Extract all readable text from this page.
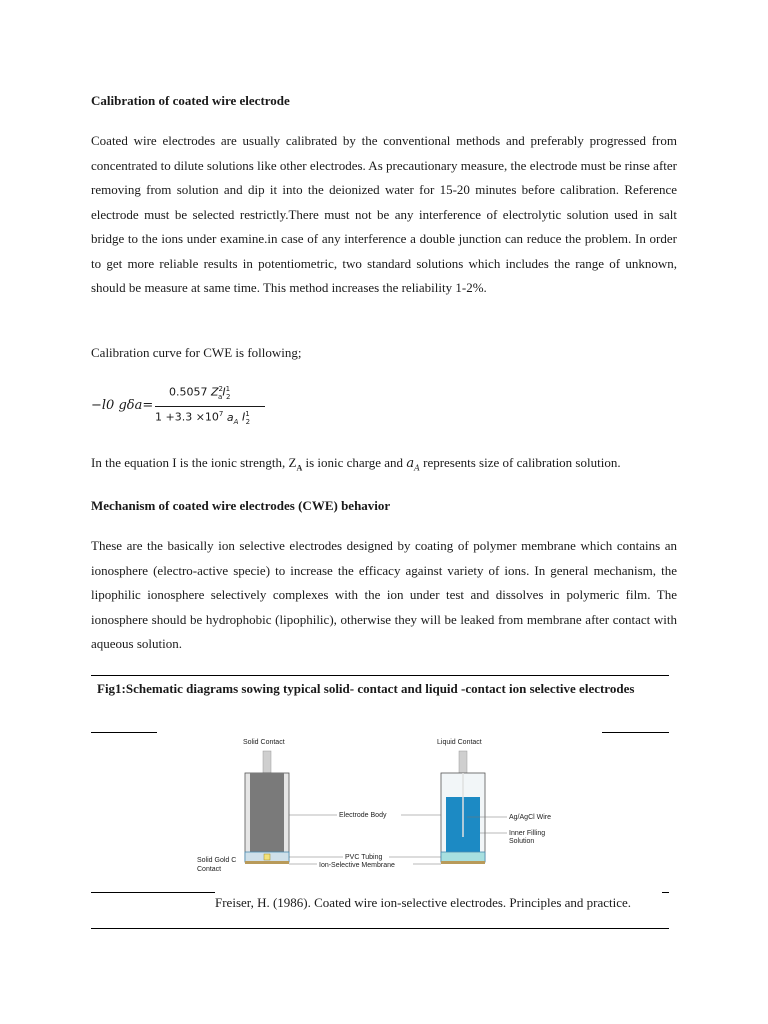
Calibration of coated wire electrode

Coated wire electrodes are usually calibrated by the conventional methods and preferably progressed from concentrated to dilute solutions like other electrodes. As precautionary measure, the electrode must be rinse after removing from solution and dip it into the deionized water for 15-20 minutes before calibration. Reference electrode must be selected restrictly.There must not be any interference of electrolytic solution used in salt bridge to the ions under examine.in case of any interference a double junction can reduce the problem. In order to get more reliable results in potentiometric, two standard solutions which includes the range of unknown, should be measure at same time. This method increases the reliability 1-2%.

Calibration curve for CWE is following;
−l0 gδa=
0.5057 $Z^2_aI^1_2$
$1 +3.3 \times 10^7$ $a_A$ $I^1_2$
In the equation I is the ionic strength, $Z_A$ is ionic charge and $a_A$ represents size of calibration solution.
Mechanism of coated wire electrodes (CWE) behavior

These are the basically ion selective electrodes designed by coating of polymer membrane which contains an ionosphere (electro-active specie) to increase the efficacy against variety of ions. In general mechanism, the lipophilic ionosphere selectively complexes with the ion under test and dissolves in polymeric film. The ionosphere should be hydrophobic (lipophilic), otherwise they will be leaked from membrane after contact with aqueous solution.

Fig1:Schematic diagrams sowing typical solid- contact and liquid -contact ion selective electrodes
Solid Contact	Liquid Contact
Electrode Body
PVC Tubing
Ion-Selective Membrane
Ag/AgCl Wire
Inner Filling
Solution
Solid Gold C
Contact
Freiser, H. (1986). Coated wire ion-selective electrodes. Principles and practice.
